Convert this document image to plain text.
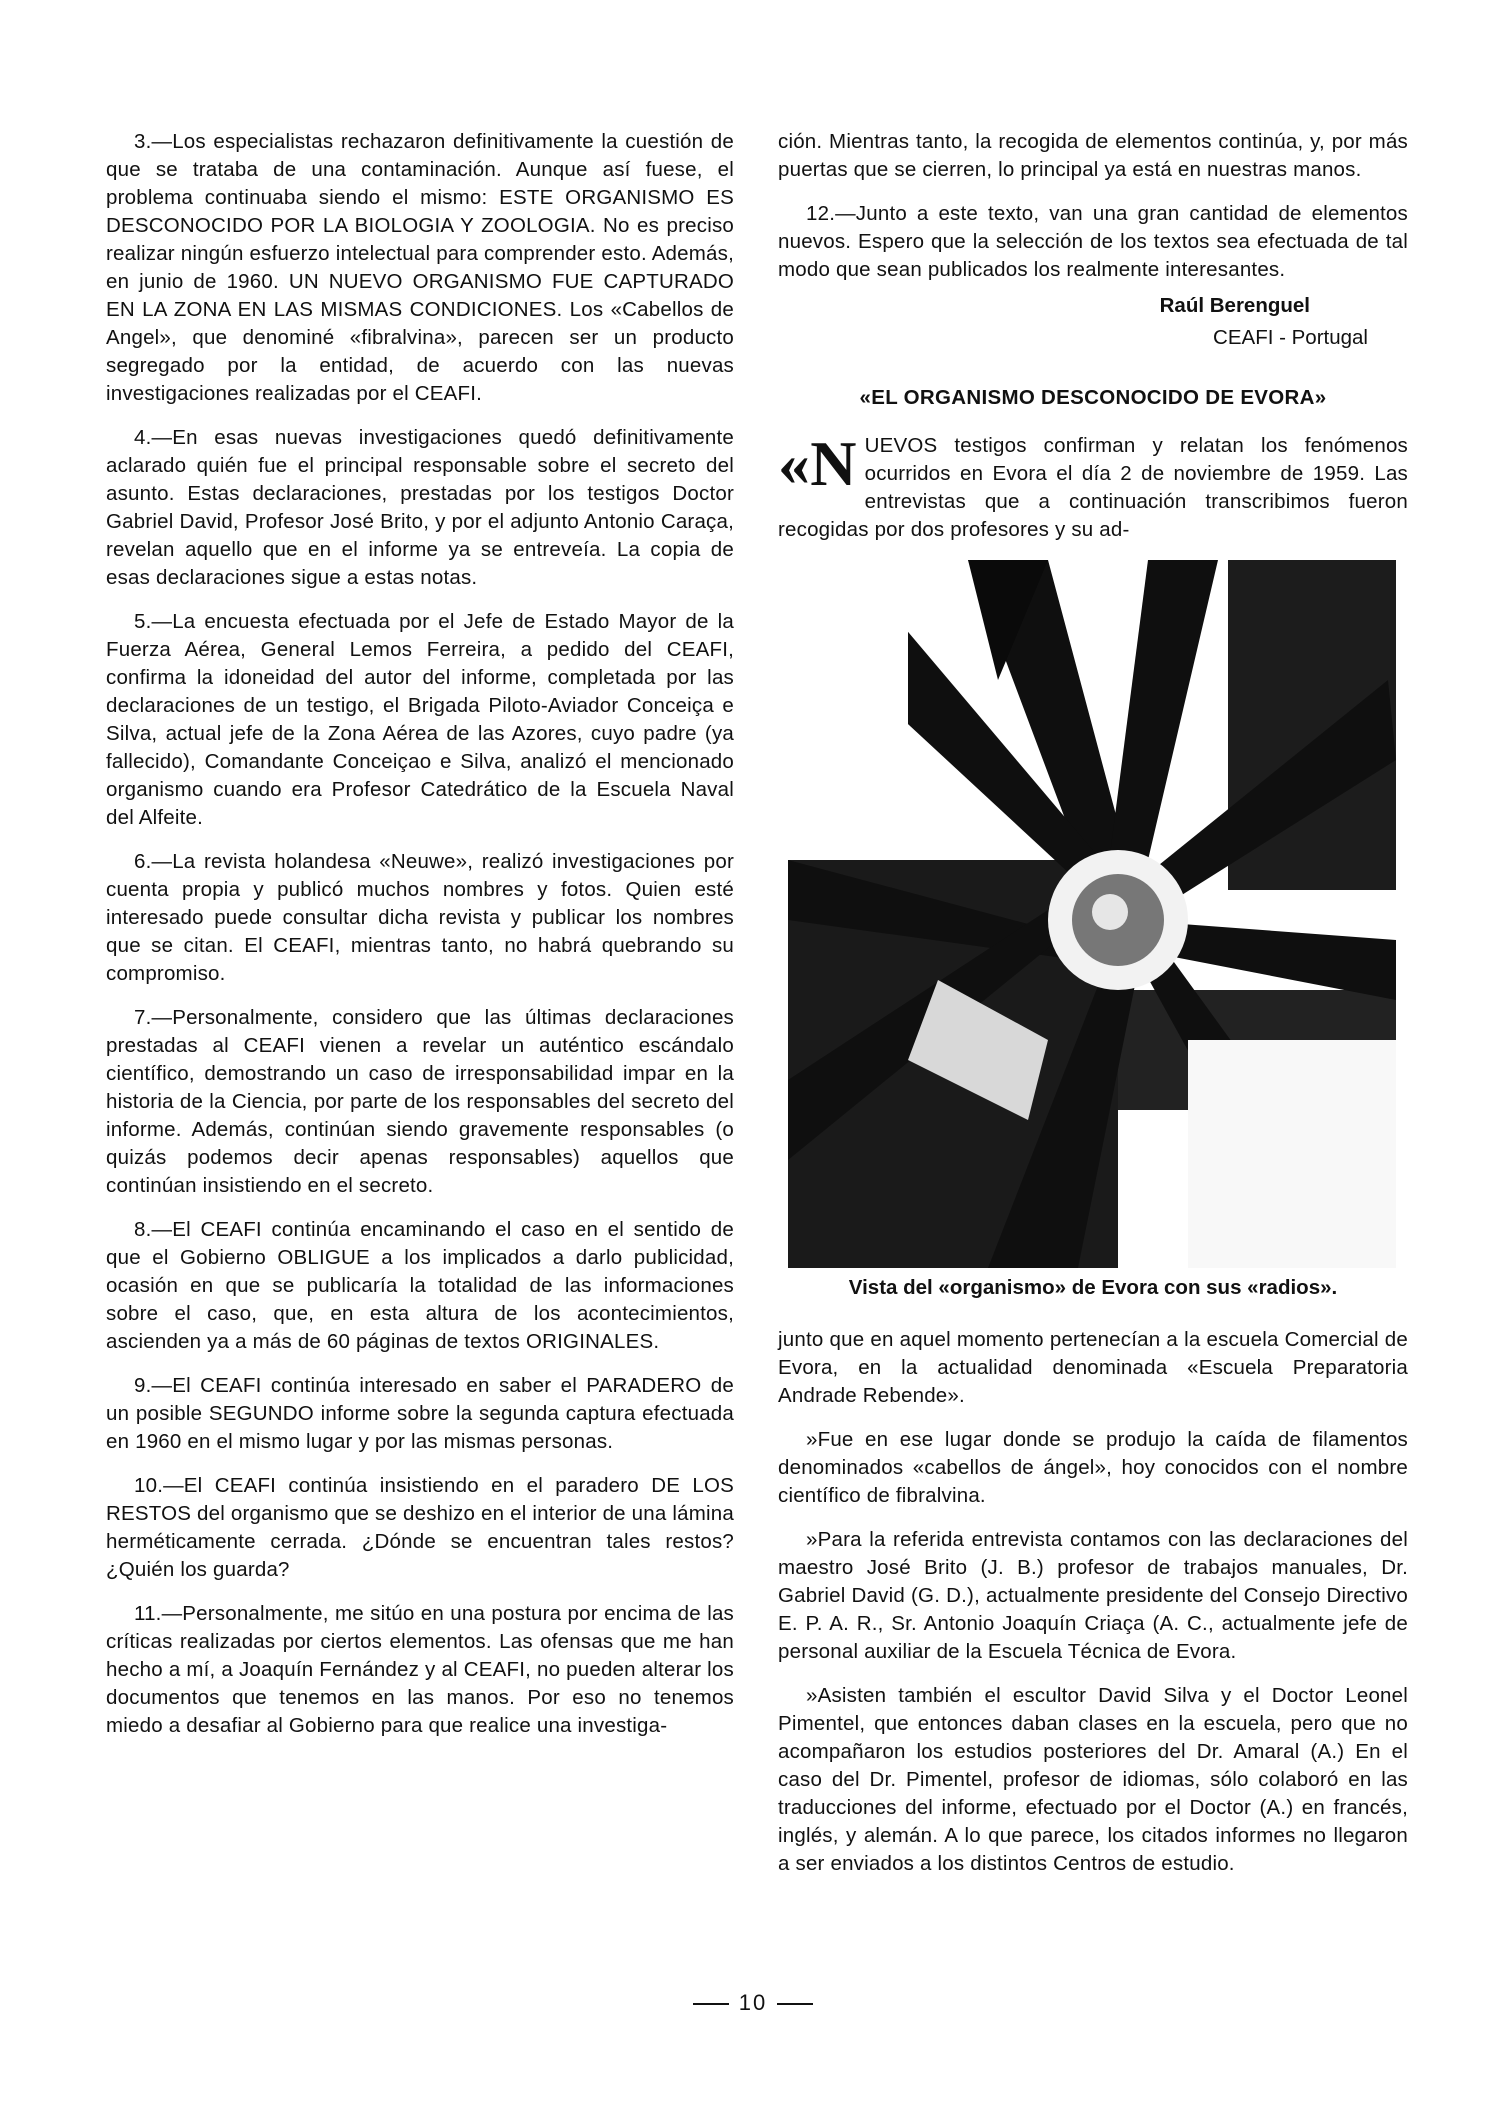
3.—Los especialistas rechazaron definitivamente la cuestión de que se trataba de una contaminación. Aunque así fuese, el problema continuaba siendo el mismo: ESTE ORGANISMO ES DESCONOCIDO POR LA BIOLOGIA Y ZOOLOGIA. No es preciso realizar ningún esfuerzo intelectual para comprender esto. Además, en junio de 1960. UN NUEVO ORGANISMO FUE CAPTURADO EN LA ZONA EN LAS MISMAS CONDICIONES. Los «Cabellos de Angel», que denominé «fibralvina», parecen ser un producto segregado por la entidad, de acuerdo con las nuevas investigaciones realizadas por el CEAFI.

4.—En esas nuevas investigaciones quedó definitivamente aclarado quién fue el principal responsable sobre el secreto del asunto. Estas declaraciones, prestadas por los testigos Doctor Gabriel David, Profesor José Brito, y por el adjunto Antonio Caraça, revelan aquello que en el informe ya se entreveía. La copia de esas declaraciones sigue a estas notas.

5.—La encuesta efectuada por el Jefe de Estado Mayor de la Fuerza Aérea, General Lemos Ferreira, a pedido del CEAFI, confirma la idoneidad del autor del informe, completada por las declaraciones de un testigo, el Brigada Piloto-Aviador Conceiça e Silva, actual jefe de la Zona Aérea de las Azores, cuyo padre (ya fallecido), Comandante Conceiçao e Silva, analizó el mencionado organismo cuando era Profesor Catedrático de la Escuela Naval del Alfeite.

6.—La revista holandesa «Neuwe», realizó investigaciones por cuenta propia y publicó muchos nombres y fotos. Quien esté interesado puede consultar dicha revista y publicar los nombres que se citan. El CEAFI, mientras tanto, no habrá quebrando su compromiso.

7.—Personalmente, considero que las últimas declaraciones prestadas al CEAFI vienen a revelar un auténtico escándalo científico, demostrando un caso de irresponsabilidad impar en la historia de la Ciencia, por parte de los responsables del secreto del informe. Además, continúan siendo gravemente responsables (o quizás podemos decir apenas responsables) aquellos que continúan insistiendo en el secreto.

8.—El CEAFI continúa encaminando el caso en el sentido de que el Gobierno OBLIGUE a los implicados a darlo publicidad, ocasión en que se publicaría la totalidad de las informaciones sobre el caso, que, en esta altura de los acontecimientos, ascienden ya a más de 60 páginas de textos ORIGINALES.

9.—El CEAFI continúa interesado en saber el PARADERO de un posible SEGUNDO informe sobre la segunda captura efectuada en 1960 en el mismo lugar y por las mismas personas.

10.—El CEAFI continúa insistiendo en el paradero DE LOS RESTOS del organismo que se deshizo en el interior de una lámina herméticamente cerrada. ¿Dónde se encuentran tales restos? ¿Quién los guarda?

11.—Personalmente, me sitúo en una postura por encima de las críticas realizadas por ciertos elementos. Las ofensas que me han hecho a mí, a Joaquín Fernández y al CEAFI, no pueden alterar los documentos que tenemos en las manos. Por eso no tenemos miedo a desafiar al Gobierno para que realice una investiga-

ción. Mientras tanto, la recogida de elementos continúa, y, por más puertas que se cierren, lo principal ya está en nuestras manos.

12.—Junto a este texto, van una gran cantidad de elementos nuevos. Espero que la selección de los textos sea efectuada de tal modo que sean publicados los realmente interesantes.

Raúl Berenguel
CEAFI - Portugal
«EL ORGANISMO DESCONOCIDO DE EVORA»

«NUEVOS testigos confirman y relatan los fenómenos ocurridos en Evora el día 2 de noviembre de 1959. Las entrevistas que a continuación transcribimos fueron recogidas por dos profesores y su ad-

Vista del «organismo» de Evora con sus «radios».

junto que en aquel momento pertenecían a la escuela Comercial de Evora, en la actualidad denominada «Escuela Preparatoria Andrade Rebende».

»Fue en ese lugar donde se produjo la caída de filamentos denominados «cabellos de ángel», hoy conocidos con el nombre científico de fibralvina.

»Para la referida entrevista contamos con las declaraciones del maestro José Brito (J. B.) profesor de trabajos manuales, Dr. Gabriel David (G. D.), actualmente presidente del Consejo Directivo E. P. A. R., Sr. Antonio Joaquín Criaça (A. C., actualmente jefe de personal auxiliar de la Escuela Técnica de Evora.

»Asisten también el escultor David Silva y el Doctor Leonel Pimentel, que entonces daban clases en la escuela, pero que no acompañaron los estudios posteriores del Dr. Amaral (A.) En el caso del Dr. Pimentel, profesor de idiomas, sólo colaboró en las traducciones del informe, efectuado por el Doctor (A.) en francés, inglés, y alemán. A lo que parece, los citados informes no llegaron a ser enviados a los distintos Centros de estudio.

10
